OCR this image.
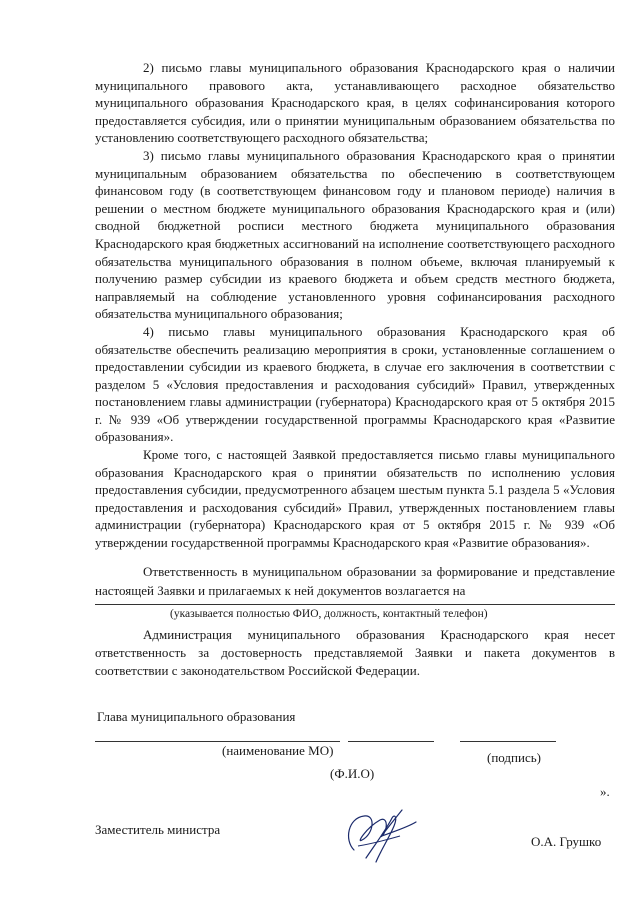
2) письмо главы муниципального образования Краснодарского края о наличии муниципального правового акта, устанавливающего расходное обязательство муниципального образования Краснодарского края, в целях софинансирования которого предоставляется субсидия, или о принятии муниципальным образованием обязательства по установлению соответствующего расходного обязательства;

3) письмо главы муниципального образования Краснодарского края о принятии муниципальным образованием обязательства по обеспечению в соответствующем финансовом году (в соответствующем финансовом году и плановом периоде) наличия в решении о местном бюджете муниципального образования Краснодарского края и (или) сводной бюджетной росписи местного бюджета муниципального образования Краснодарского края бюджетных ассигнований на исполнение соответствующего расходного обязательства муниципального образования в полном объеме, включая планируемый к получению размер субсидии из краевого бюджета и объем средств местного бюджета, направляемый на соблюдение установленного уровня софинансирования расходного обязательства муниципального образования;

4) письмо главы муниципального образования Краснодарского края об обязательстве обеспечить реализацию мероприятия в сроки, установленные соглашением о предоставлении субсидии из краевого бюджета, в случае его заключения в соответствии с разделом 5 «Условия предоставления и расходования субсидий» Правил, утвержденных постановлением главы администрации (губернатора) Краснодарского края от 5 октября 2015 г. № 939 «Об утверждении государственной программы Краснодарского края «Развитие образования».

Кроме того, с настоящей Заявкой предоставляется письмо главы муниципального образования Краснодарского края о принятии обязательств по исполнению условия предоставления субсидии, предусмотренного абзацем шестым пункта 5.1 раздела 5 «Условия предоставления и расходования субсидий» Правил, утвержденных постановлением главы администрации (губернатора) Краснодарского края от 5 октября 2015 г. № 939 «Об утверждении государственной программы Краснодарского края «Развитие образования».

Ответственность в муниципальном образовании за формирование и представление настоящей Заявки и прилагаемых к ней документов возлагается на

(указывается полностью ФИО, должность, контактный телефон)

Администрация муниципального образования Краснодарского края несет ответственность за достоверность представляемой Заявки и пакета документов в соответствии с законодательством Российской Федерации.

Глава муниципального образования
(наименование МО)	(подпись)
(Ф.И.О)
».
Заместитель министра
О.А. Грушко
